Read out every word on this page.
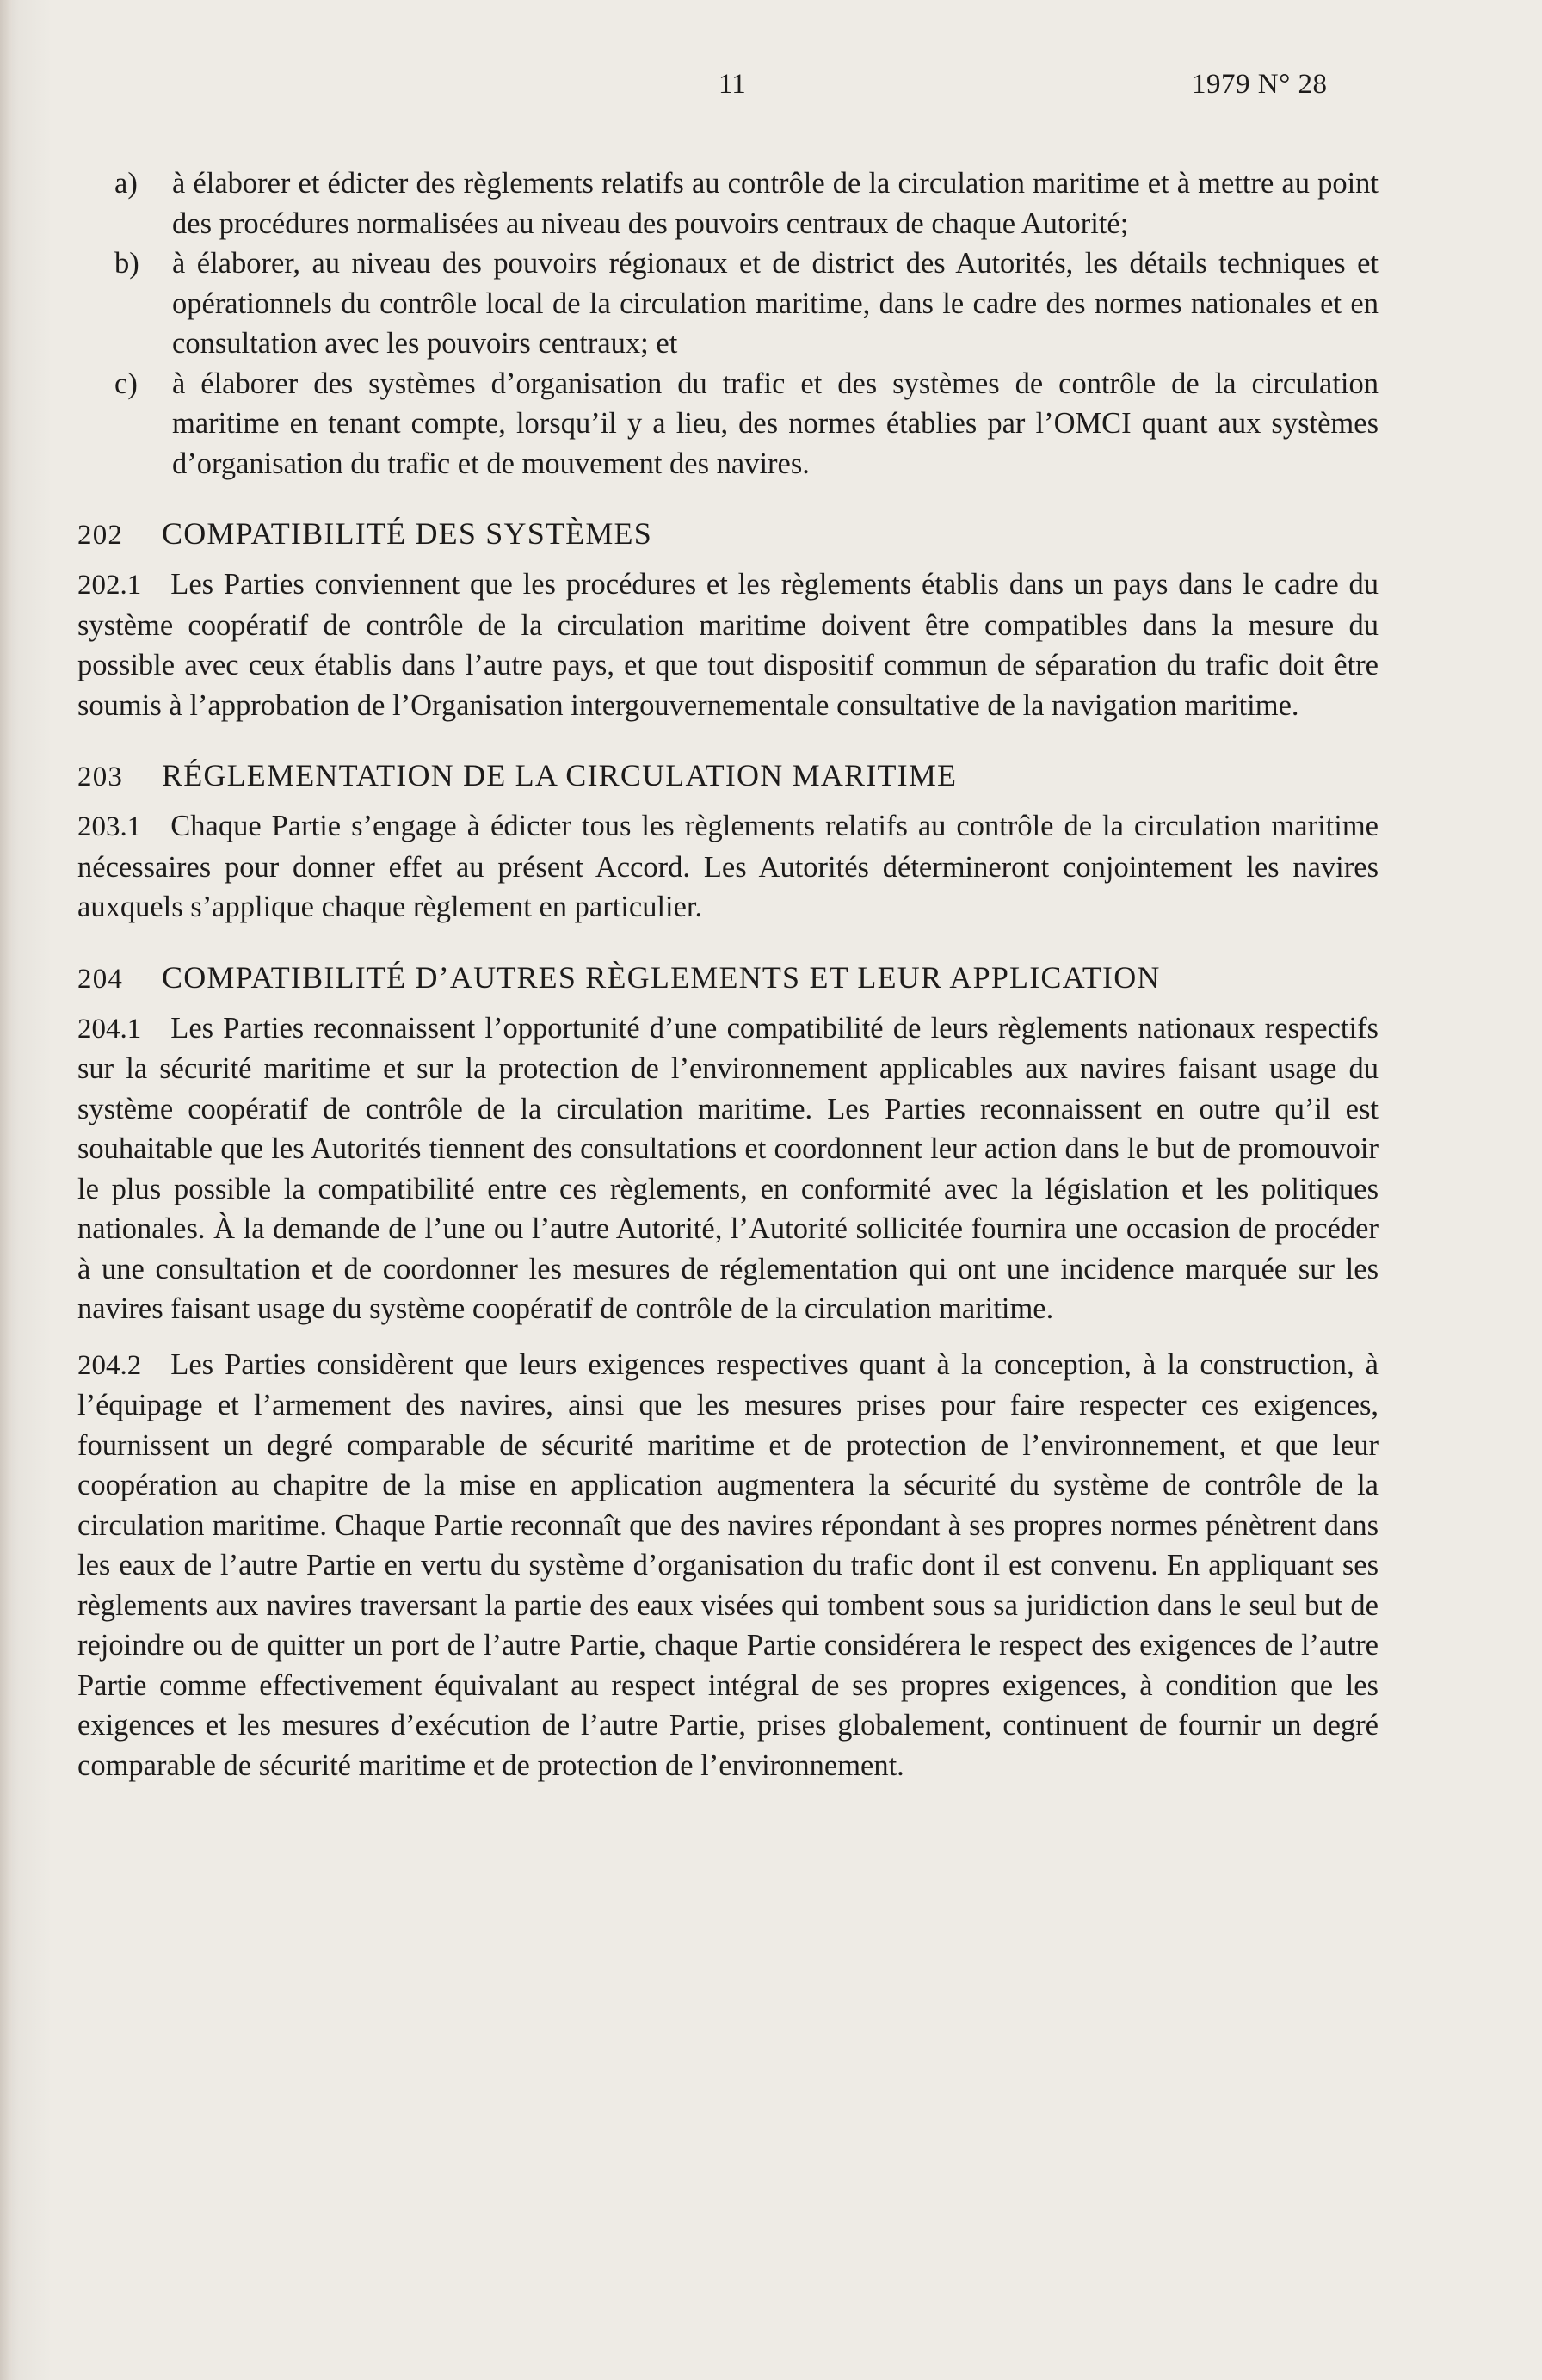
11	1979 N° 28
a) à élaborer et édicter des règlements relatifs au contrôle de la circulation maritime et à mettre au point des procédures normalisées au niveau des pouvoirs centraux de chaque Autorité;
b) à élaborer, au niveau des pouvoirs régionaux et de district des Autorités, les détails techniques et opérationnels du contrôle local de la circulation maritime, dans le cadre des normes nationales et en consultation avec les pouvoirs centraux; et
c) à élaborer des systèmes d’organisation du trafic et des systèmes de contrôle de la circulation maritime en tenant compte, lorsqu’il y a lieu, des normes établies par l’OMCI quant aux systèmes d’organisation du trafic et de mouvement des navires.
202 COMPATIBILITÉ DES SYSTÈMES
202.1 Les Parties conviennent que les procédures et les règlements établis dans un pays dans le cadre du système coopératif de contrôle de la circulation maritime doivent être compatibles dans la mesure du possible avec ceux établis dans l’autre pays, et que tout dispositif commun de séparation du trafic doit être soumis à l’approbation de l’Organisation intergouvernementale consultative de la navigation maritime.
203 RÉGLEMENTATION DE LA CIRCULATION MARITIME
203.1 Chaque Partie s’engage à édicter tous les règlements relatifs au contrôle de la circulation maritime nécessaires pour donner effet au présent Accord. Les Autorités détermineront conjointement les navires auxquels s’applique chaque règlement en particulier.
204 COMPATIBILITÉ D’AUTRES RÈGLEMENTS ET LEUR APPLICATION
204.1 Les Parties reconnaissent l’opportunité d’une compatibilité de leurs règlements nationaux respectifs sur la sécurité maritime et sur la protection de l’environnement applicables aux navires faisant usage du système coopératif de contrôle de la circulation maritime. Les Parties reconnaissent en outre qu’il est souhaitable que les Autorités tiennent des consultations et coordonnent leur action dans le but de promouvoir le plus possible la compatibilité entre ces règlements, en conformité avec la législation et les politiques nationales. À la demande de l’une ou l’autre Autorité, l’Autorité sollicitée fournira une occasion de procéder à une consultation et de coordonner les mesures de réglementation qui ont une incidence marquée sur les navires faisant usage du système coopératif de contrôle de la circulation maritime.
204.2 Les Parties considèrent que leurs exigences respectives quant à la conception, à la construction, à l’équipage et l’armement des navires, ainsi que les mesures prises pour faire respecter ces exigences, fournissent un degré comparable de sécurité maritime et de protection de l’environnement, et que leur coopération au chapitre de la mise en application augmentera la sécurité du système de contrôle de la circulation maritime. Chaque Partie reconnaît que des navires répondant à ses propres normes pénètrent dans les eaux de l’autre Partie en vertu du système d’organisation du trafic dont il est convenu. En appliquant ses règlements aux navires traversant la partie des eaux visées qui tombent sous sa juridiction dans le seul but de rejoindre ou de quitter un port de l’autre Partie, chaque Partie considérera le respect des exigences de l’autre Partie comme effectivement équivalant au respect intégral de ses propres exigences, à condition que les exigences et les mesures d’exécution de l’autre Partie, prises globalement, continuent de fournir un degré comparable de sécurité maritime et de protection de l’environnement.
